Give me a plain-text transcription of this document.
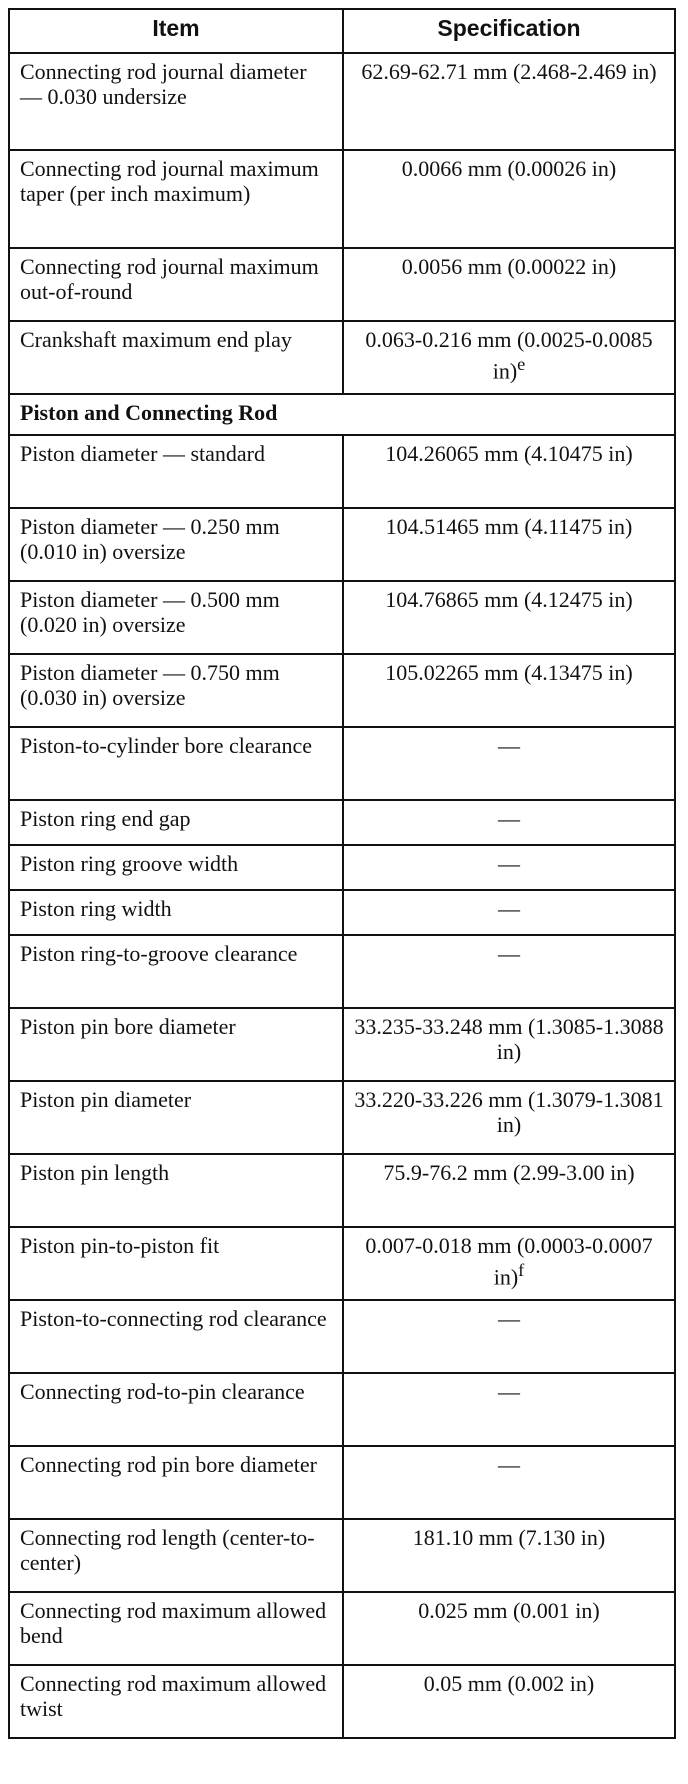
Item	Specification
Connecting rod journal diameter — 0.030 undersize	62.69-62.71 mm (2.468-2.469 in)
Connecting rod journal maximum taper (per inch maximum)	0.0066 mm (0.00026 in)
Connecting rod journal maximum out-of-round	0.0056 mm (0.00022 in)
Crankshaft maximum end play	0.063-0.216 mm (0.0025-0.0085 in)$^e$
Piston and Connecting Rod	
Piston diameter — standard	104.26065 mm (4.10475 in)
Piston diameter — 0.250 mm (0.010 in) oversize	104.51465 mm (4.11475 in)
Piston diameter — 0.500 mm (0.020 in) oversize	104.76865 mm (4.12475 in)
Piston diameter — 0.750 mm (0.030 in) oversize	105.02265 mm (4.13475 in)
Piston-to-cylinder bore clearance	—
Piston ring end gap	—
Piston ring groove width	—
Piston ring width	—
Piston ring-to-groove clearance	—
Piston pin bore diameter	33.235-33.248 mm (1.3085-1.3088 in)
Piston pin diameter	33.220-33.226 mm (1.3079-1.3081 in)
Piston pin length	75.9-76.2 mm (2.99-3.00 in)
Piston pin-to-piston fit	0.007-0.018 mm (0.0003-0.0007 in)$^f$
Piston-to-connecting rod clearance	—
Connecting rod-to-pin clearance	—
Connecting rod pin bore diameter	—
Connecting rod length (center-to-center)	181.10 mm (7.130 in)
Connecting rod maximum allowed bend	0.025 mm (0.001 in)
Connecting rod maximum allowed twist	0.05 mm (0.002 in)
